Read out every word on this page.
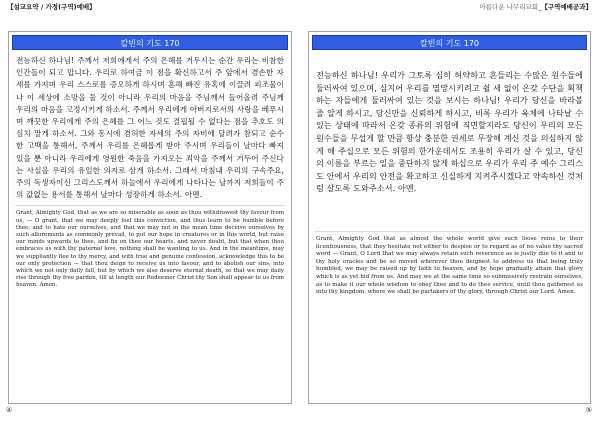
【설교요약 / 가정(구역)예배】
칼빈의 기도 170

전능하신 하나님! 주께서 저희에게서 주의 은혜를 거두시는 순간 우리는 비참한 인간들이 되고 맙니다. 우리로 하여금 이 점을 확신하고서 주 앞에서 겸손한 자세를 가지며 우리 스스로를 증오하게 하시며 혼해 빠진 유혹에 이끌려 피조물이나 이 세상에 소망을 둘 것이 아니라 우리의 마음을 주님께서 들어올려 주님께 우리의 마음을 고정시키게 하소서. 주께서 우리에게 아버지로서의 사랑을 베푸시며 깨끗한 우리에게 주의 은혜를 그 어느 것도 결핍될 수 없다는 점을 추호도 의심치 말게 하소서. 그와 동시에 겸허한 자세의 주의 자비에 달려가 참되고 순수한 고백을 통해서, 주께서 우리를 은혜롭게 받아 주시며 우리들이 날마다 빠져 있을 뿐 아니라 우리에게 영원한 죽음을 가져오는 죄악을 주께서 거두어 주신다는 사실을 우리의 유일한 의지로 삼게 하소서. 그래서 마침내 우리의 구속주요, 주의 독생자이신 그리스도께서 하늘에서 우리에게 나타나는 날까지 저희들이 주의 값없는 용서를 통해서 날마다 성장하게 하소서. 아멘.

Grant, Almighty God, that as we are so miserable as soon as thou withdrawest thy favour from us, — O grant, that we may deeply feel this conviction, and thus learn to be humble before thee, and to hate our ourselves, and that we may not in the mean time deceive ourselves by such allurements as commonly prevail, to put our hope in creatures or in this world, but raise our minds upwards to thee, and fix on thee our hearts, and never doubt, but that when thou embraces us with thy paternal love, nothing shall be wanting to us. And in the meantime, may we suppliantly flee to thy mercy, and with true and genuine confession, acknowledge this to be our only protection — that thou deign to receive us into favour, and to abolish our sins, into which we not only daily fall, but by which we also deserve eternal death, so that we may daily rise through thy free pardon, till at length our Redeemer Christ thy Son shall appear to us from heaven. Amen.

④
아름다운 나무리교회_【구역예배공과】
칼빈의 기도 170

전능하신 하나님! 우리가 그토록 심히 허약하고 흔들리는 수많은 원수들에 둘러싸여 있으며, 심지어 우리를 멸망시키려고 쉴 새 없이 온갖 수단을 획책하는 자들에게 둘러싸여 있는 것을 보시는 하나님! 우리가 당신을 바라볼 줄 알게 하시고, 당신만을 신뢰하게 하시고, 비록 우리가 육체에 나타날 수 있는 상태에 따라서 온갖 종류의 위험에 직면할지라도 당신이 우리의 모든 원수들을 무섭게 할 만큼 항상 충분한 권세로 무장해 계신 것을 의심하지 않게 해 주십으로 모든 위험의 한가운데서도 조용히 우리가 살 수 있고, 당신의 이름을 부르는 일을 중단하지 않게 하십으로 우리가 우리 주 예수 그리스도 안에서 우리의 안전을 확고하고 신실하게 지켜주시겠다고 약속하신 것처럼 살도록 도와주소서. 아멘.

Grant, Almighty God that as almost the whole world give such loose reins to their licentiousness, that they hesitate not either to despise or to regard as of no value thy sacred word — Grant, O Lord that we may always retain such reverence as is justly due to it and to thy holy oracles and be so moved wherever thou deignest to address us that being truly humbled, we may be raised up by faith to heaven, and by hope gradually attain that glory which is as yet hid from us. And may we at the same time so submissively restrain ourselves, as to make it our whole wisdom to obey thee and to do thee service, until thou gatherest us into thy kingdom, where we shall be partakers of thy glory, through Christ our Lord. Amen.

⑤
